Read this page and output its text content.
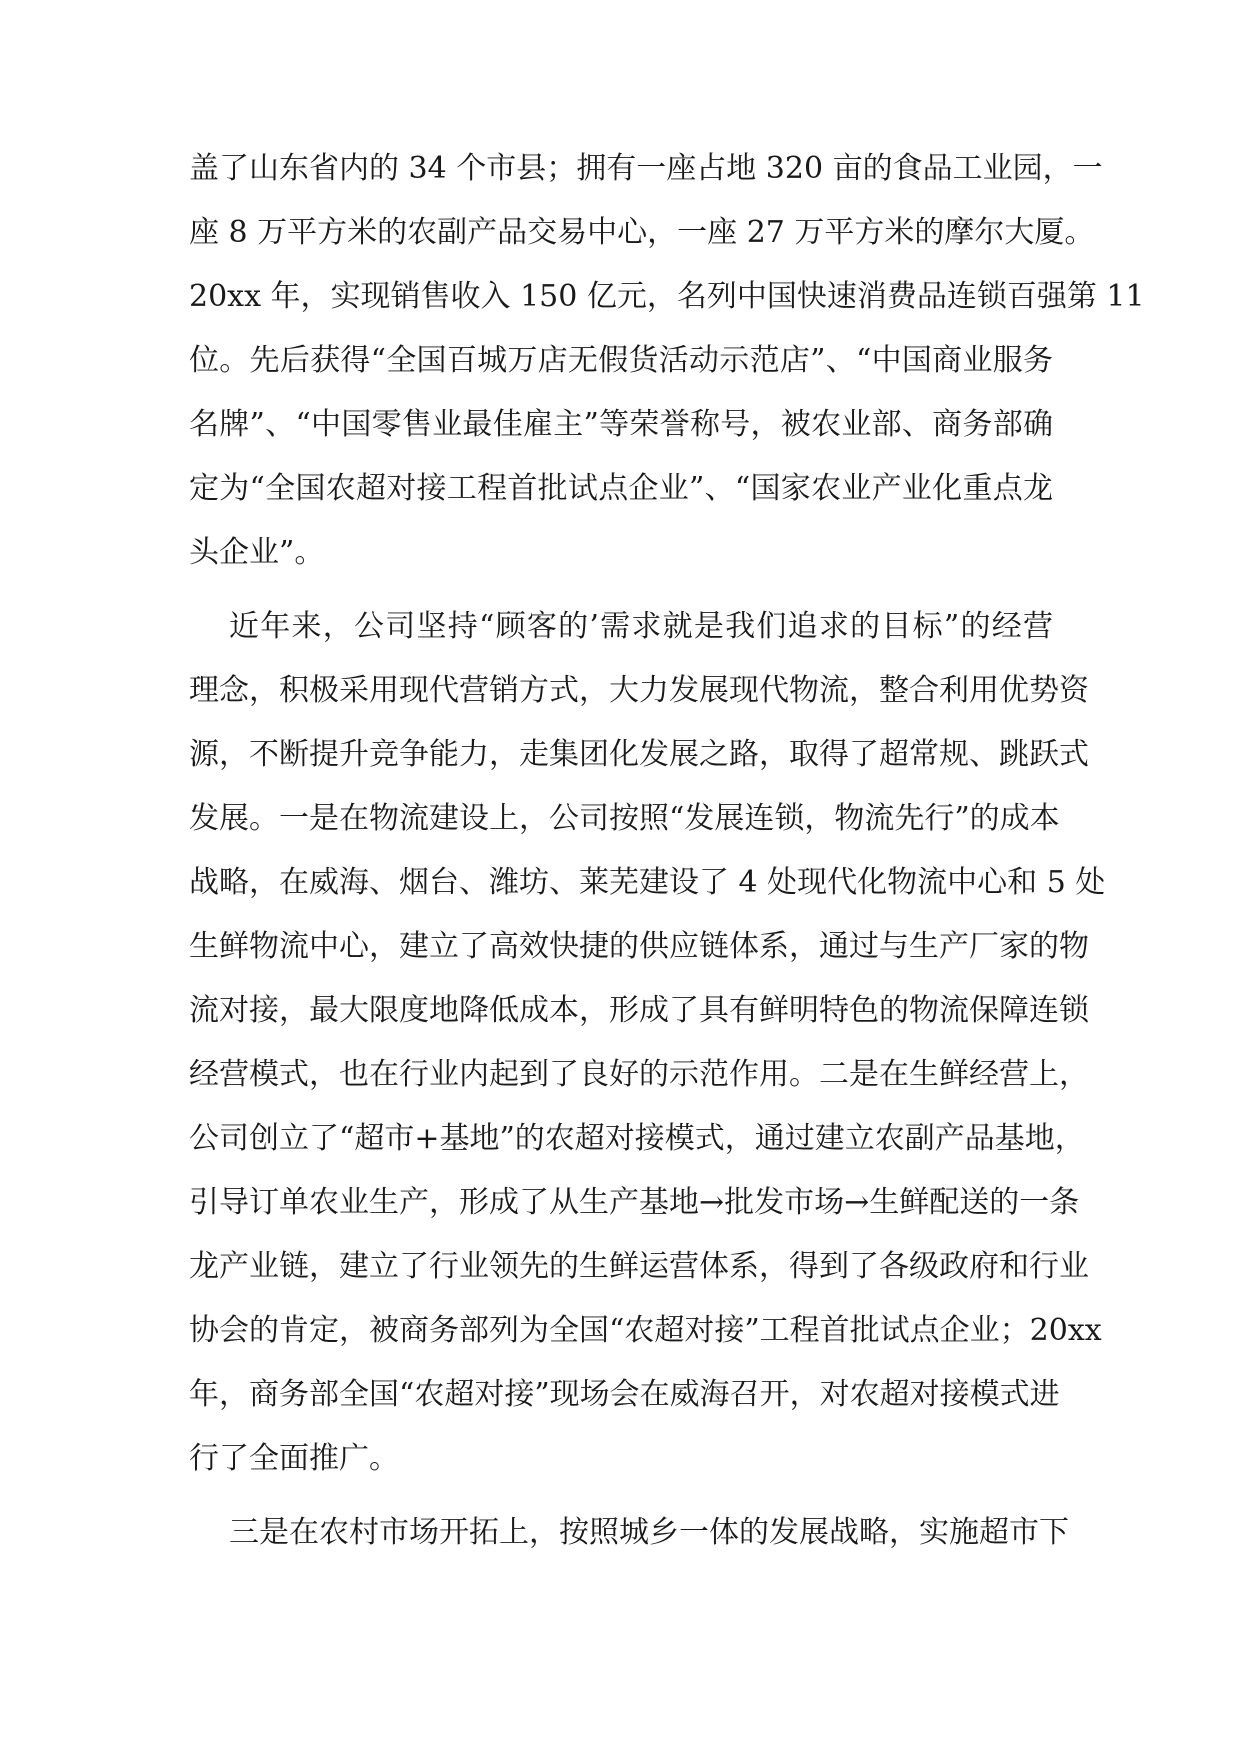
盖了山东省内的 34 个市县；拥有一座占地 320 亩的食品工业园，一
座 8 万平方米的农副产品交易中心，一座 27 万平方米的摩尔大厦。
20xx 年，实现销售收入 150 亿元，名列中国快速消费品连锁百强第 11
位。先后获得“全国百城万店无假货活动示范店”、“中国商业服务
名牌”、“中国零售业最佳雇主”等荣誉称号，被农业部、商务部确
定为“全国农超对接工程首批试点企业”、“国家农业产业化重点龙
头企业”。
近年来，公司坚持“顾客的’需求就是我们追求的目标”的经营
理念，积极采用现代营销方式，大力发展现代物流，整合利用优势资
源，不断提升竞争能力，走集团化发展之路，取得了超常规、跳跃式
发展。一是在物流建设上，公司按照“发展连锁，物流先行”的成本
战略，在威海、烟台、潍坊、莱芜建设了 4 处现代化物流中心和 5 处
生鲜物流中心，建立了高效快捷的供应链体系，通过与生产厂家的物
流对接，最大限度地降低成本，形成了具有鲜明特色的物流保障连锁
经营模式，也在行业内起到了良好的示范作用。二是在生鲜经营上，
公司创立了“超市+基地”的农超对接模式，通过建立农副产品基地，
引导订单农业生产，形成了从生产基地→批发市场→生鲜配送的一条
龙产业链，建立了行业领先的生鲜运营体系，得到了各级政府和行业
协会的肯定，被商务部列为全国“农超对接”工程首批试点企业；20xx
年，商务部全国“农超对接”现场会在威海召开，对农超对接模式进
行了全面推广。
三是在农村市场开拓上，按照城乡一体的发展战略，实施超市下
